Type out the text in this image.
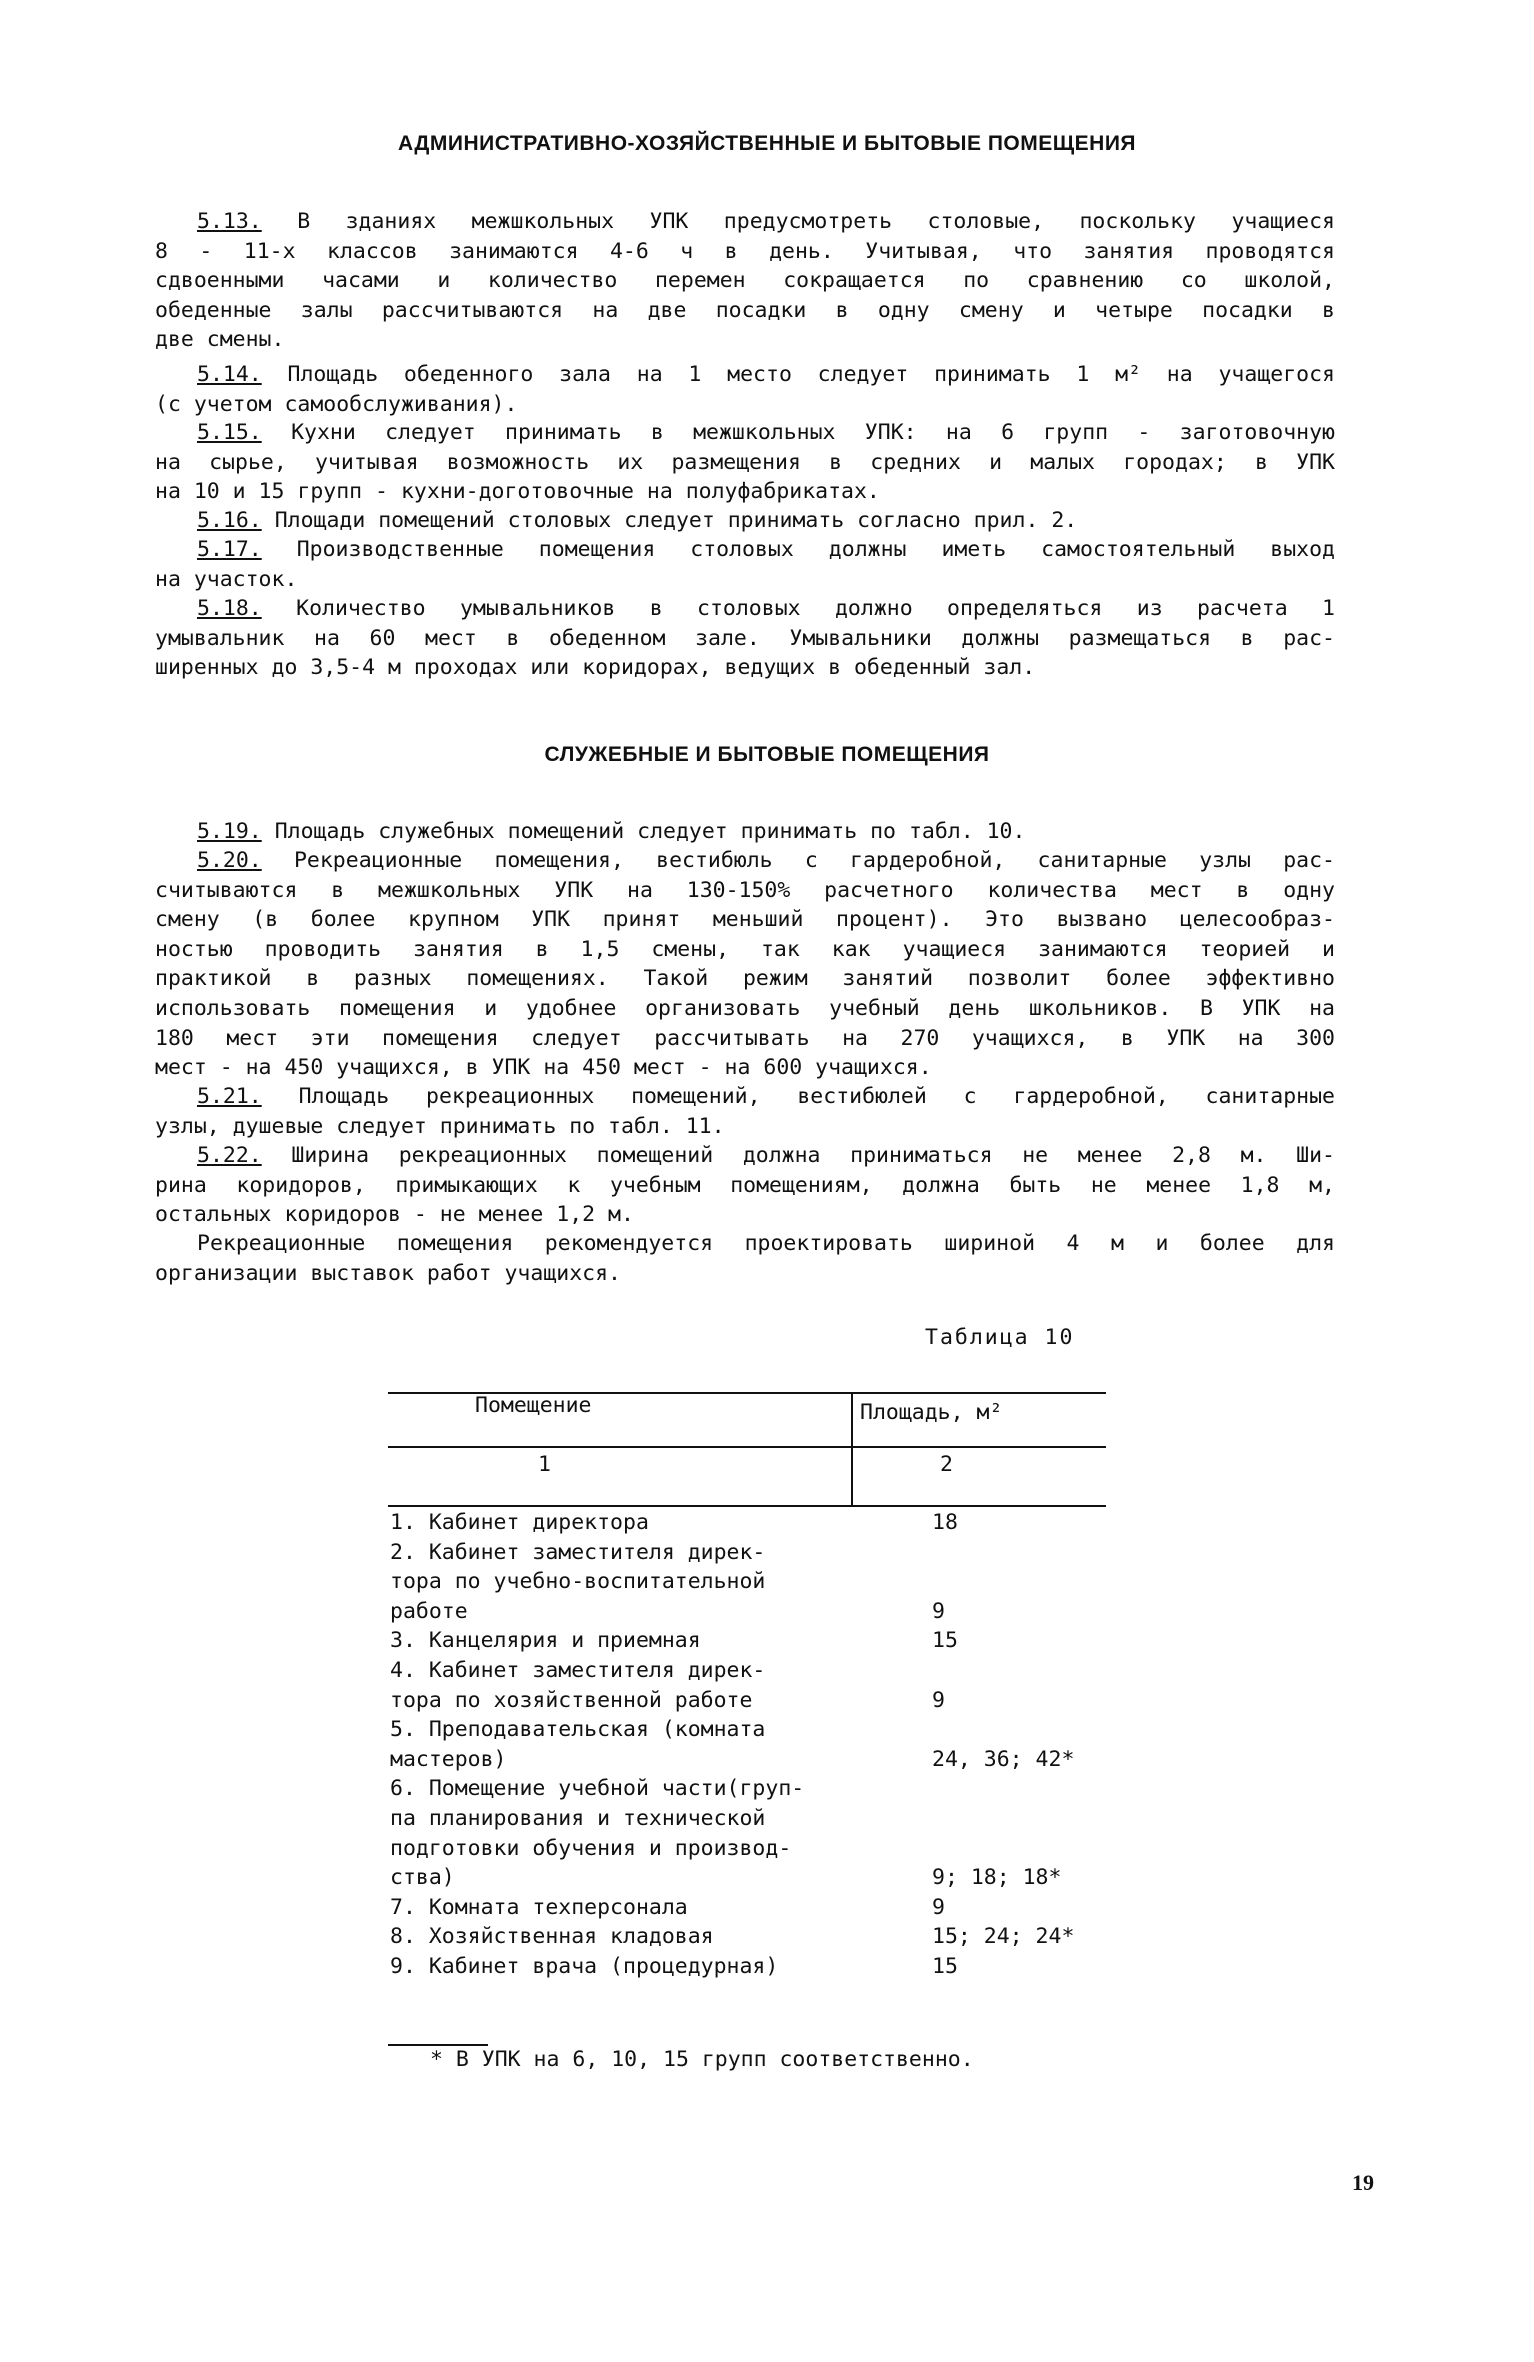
АДМИНИСТРАТИВНО-ХОЗЯЙСТВЕННЫЕ И БЫТОВЫЕ ПОМЕЩЕНИЯ
5.13. В зданиях межшкольных УПК предусмотреть столовые, поскольку учащиеся
8 - 11-х классов занимаются 4-6 ч в день. Учитывая, что занятия проводятся
сдвоенными часами и количество перемен сокращается по сравнению со школой,
обеденные залы рассчитываются на две посадки в одну смену и четыре посадки в
две смены.
5.14. Площадь обеденного зала на 1 место следует принимать 1 м² на учащегося
(с учетом самообслуживания).
5.15. Кухни следует принимать в межшкольных УПК: на 6 групп - заготовочную
на сырье, учитывая возможность их размещения в средних и малых городах; в УПК
на 10 и 15 групп - кухни-доготовочные на полуфабрикатах.
5.16. Площади помещений столовых следует принимать согласно прил. 2.
5.17. Производственные помещения столовых должны иметь самостоятельный выход
на участок.
5.18. Количество умывальников в столовых должно определяться из расчета 1
умывальник на 60 мест в обеденном зале. Умывальники должны размещаться в рас-
ширенных до 3,5-4 м проходах или коридорах, ведущих в обеденный зал.
СЛУЖЕБНЫЕ И БЫТОВЫЕ ПОМЕЩЕНИЯ
5.19. Площадь служебных помещений следует принимать по табл. 10.
5.20. Рекреационные помещения, вестибюль с гардеробной, санитарные узлы рас-
считываются в межшкольных УПК на 130-150% расчетного количества мест в одну
смену (в более крупном УПК принят меньший процент). Это вызвано целесообраз-
ностью проводить занятия в 1,5 смены, так как учащиеся занимаются теорией и
практикой в разных помещениях. Такой режим занятий позволит более эффективно
использовать помещения и удобнее организовать учебный день школьников. В УПК на
180 мест эти помещения следует рассчитывать на 270 учащихся, в УПК на 300
мест - на 450 учащихся, в УПК на 450 мест - на 600 учащихся.
5.21. Площадь рекреационных помещений, вестибюлей с гардеробной, санитарные
узлы, душевые следует принимать по табл. 11.
5.22. Ширина рекреационных помещений должна приниматься не менее 2,8 м. Ши-
рина коридоров, примыкающих к учебным помещениям, должна быть не менее 1,8 м,
остальных коридоров - не менее 1,2 м.
Рекреационные помещения рекомендуется проектировать шириной 4 м и более для
организации выставок работ учащихся.
Таблица 10
Помещение	Площадь, м²
1	2
1. Кабинет директора	18
2. Кабинет заместителя дирек-
тора по учебно-воспитательной
работе	9
3. Канцелярия и приемная	15
4. Кабинет заместителя дирек-
тора по хозяйственной работе	9
5. Преподавательская (комната
мастеров)	24, 36; 42*
6. Помещение учебной части(груп-
па планирования и технической
подготовки обучения и производ-
ства)	9; 18; 18*
7. Комната техперсонала	9
8. Хозяйственная кладовая	15; 24; 24*
9. Кабинет врача (процедурная)	15
* В УПК на 6, 10, 15 групп соответственно.
19
